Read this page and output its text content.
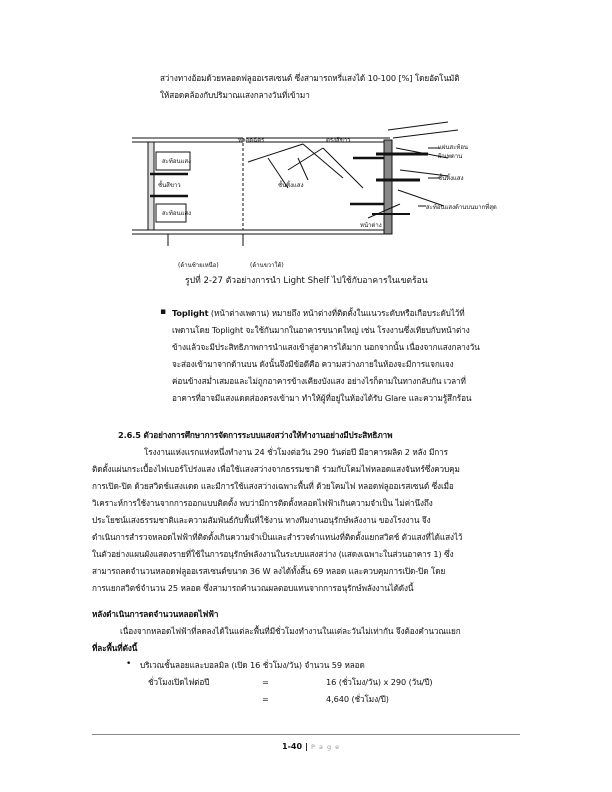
สว่างทางอ้อมด้วยหลอดฟลูออเรสเซนต์ ซึ่งสามารถหรี่แสงได้ 10-100 [%] โดยอัตโนมัติ
ให้สอดคล้องกับปริมาณแสงกลางวันที่เข้ามา
หลอดฉัตร	ตรงสีขาว
สะท้อนแสง
ชั้นสีขาว
สะท้อนแสง
ชั้นหิ้งแสง
แผ่นสะท้อน
ฝ้าเพดาน
ชั้นหิ้งแสง
สะท้อนแสงด้านบนมากที่สุด
หน้าต่าง
(ด้านซ้ายเหนือ)	(ด้านขวาใต้)
รูปที่ 2-27 ตัวอย่างการนำ Light Shelf ไปใช้กับอาคารในเขตร้อน
▪ Toplight (หน้าต่างเพดาน) หมายถึง หน้าต่างที่ติดตั้งในแนวระดับหรือเกือบระดับไว้ที่
เพดานโดย Toplight จะใช้กันมากในอาคารขนาดใหญ่ เช่น โรงงานซึ่งเทียบกับหน้าต่าง
ข้างแล้วจะมีประสิทธิภาพการนำแสงเข้าสู่อาคารได้มาก นอกจากนั้น เนื่องจากแสงกลางวัน
จะส่องเข้ามาจากด้านบน ดังนั้นจึงมีข้อดีคือ ความสว่างภายในห้องจะมีการแจกแจง
ค่อนข้างสม่ำเสมอและไม่ถูกอาคารข้างเคียงบังแสง อย่างไรก็ตามในทางกลับกัน เวลาที่
อาคารที่อาจมีแสงแดดส่องตรงเข้ามา ทำให้ผู้ที่อยู่ในห้องได้รับ Glare และความรู้สึกร้อน
2.6.5 ตัวอย่างการศึกษาการจัดการระบบแสงสว่างให้ทำงานอย่างมีประสิทธิภาพ
โรงงานแห่งแรกแห่งหนึ่งทำงาน 24 ชั่วโมงต่อวัน 290 วันต่อปี มีอาคารผลิต 2 หลัง มีการ
ติดตั้งแผ่นกระเบื้องไฟเบอร์โปร่งแสง เพื่อใช้แสงสว่างจากธรรมชาติ ร่วมกับโคมไฟหลอดแสงจันทร์ซึ่งควบคุม
การเปิด-ปิด ด้วยสวิตช์แสงแดด และมีการใช้แสงสว่างเฉพาะพื้นที่ ด้วยโคมไฟ หลอดฟลูออเรสเซนต์ ซึ่งเมื่อ
วิเคราะห์การใช้งานจากการออกแบบติดตั้ง พบว่ามีการติดตั้งหลอดไฟฟ้าเกินความจำเป็น ไม่ค่านึงถึง
ประโยชน์แสงธรรมชาติและความสัมพันธ์กับพื้นที่ใช้งาน ทางทีมงานอนุรักษ์พลังงาน ของโรงงาน จึง
ดำเนินการสำรวจหลอดไฟฟ้าที่ติดตั้งเกินความจำเป็นและสำรวจตำแหน่งที่ติดตั้งแยกสวิตช์ ตัวแสงที่ได้แสงไว้
ในตัวอย่างแผนผังแสดงรายที่ใช้ในการอนุรักษ์พลังงานในระบบแสงสว่าง (แสดงเฉพาะในส่วนอาคาร 1) ซึ่ง
สามารถลดจำนวนหลอดฟลูออเรสเซนต์ขนาด 36 W ลงได้ทั้งสิ้น 69 หลอด และควบคุมการเปิด-ปิด โดย
การแยกสวิตช์จำนวน 25 หลอด ซึ่งสามารถคำนวณผลตอบแทนจากการอนุรักษ์พลังงานได้ดังนี้
หลังดำเนินการลดจำนวนหลอดไฟฟ้า
เนื่องจากหลอดไฟฟ้าที่ลดลงได้ในแต่ละพื้นที่มีชั่วโมงทำงานในแต่ละวันไม่เท่ากัน จึงต้องคำนวณแยก
ที่ละพื้นที่ดังนี้
• บริเวณชั้นลอยและบอลมิล (เปิด 16 ชั่วโมง/วัน) จำนวน 59 หลอด
ชั่วโมงเปิดไฟต่อปี	=	16 (ชั่วโมง/วัน) x 290 (วัน/ปี)
=	4,640 (ชั่วโมง/ปี)
1-40 | P a g e
